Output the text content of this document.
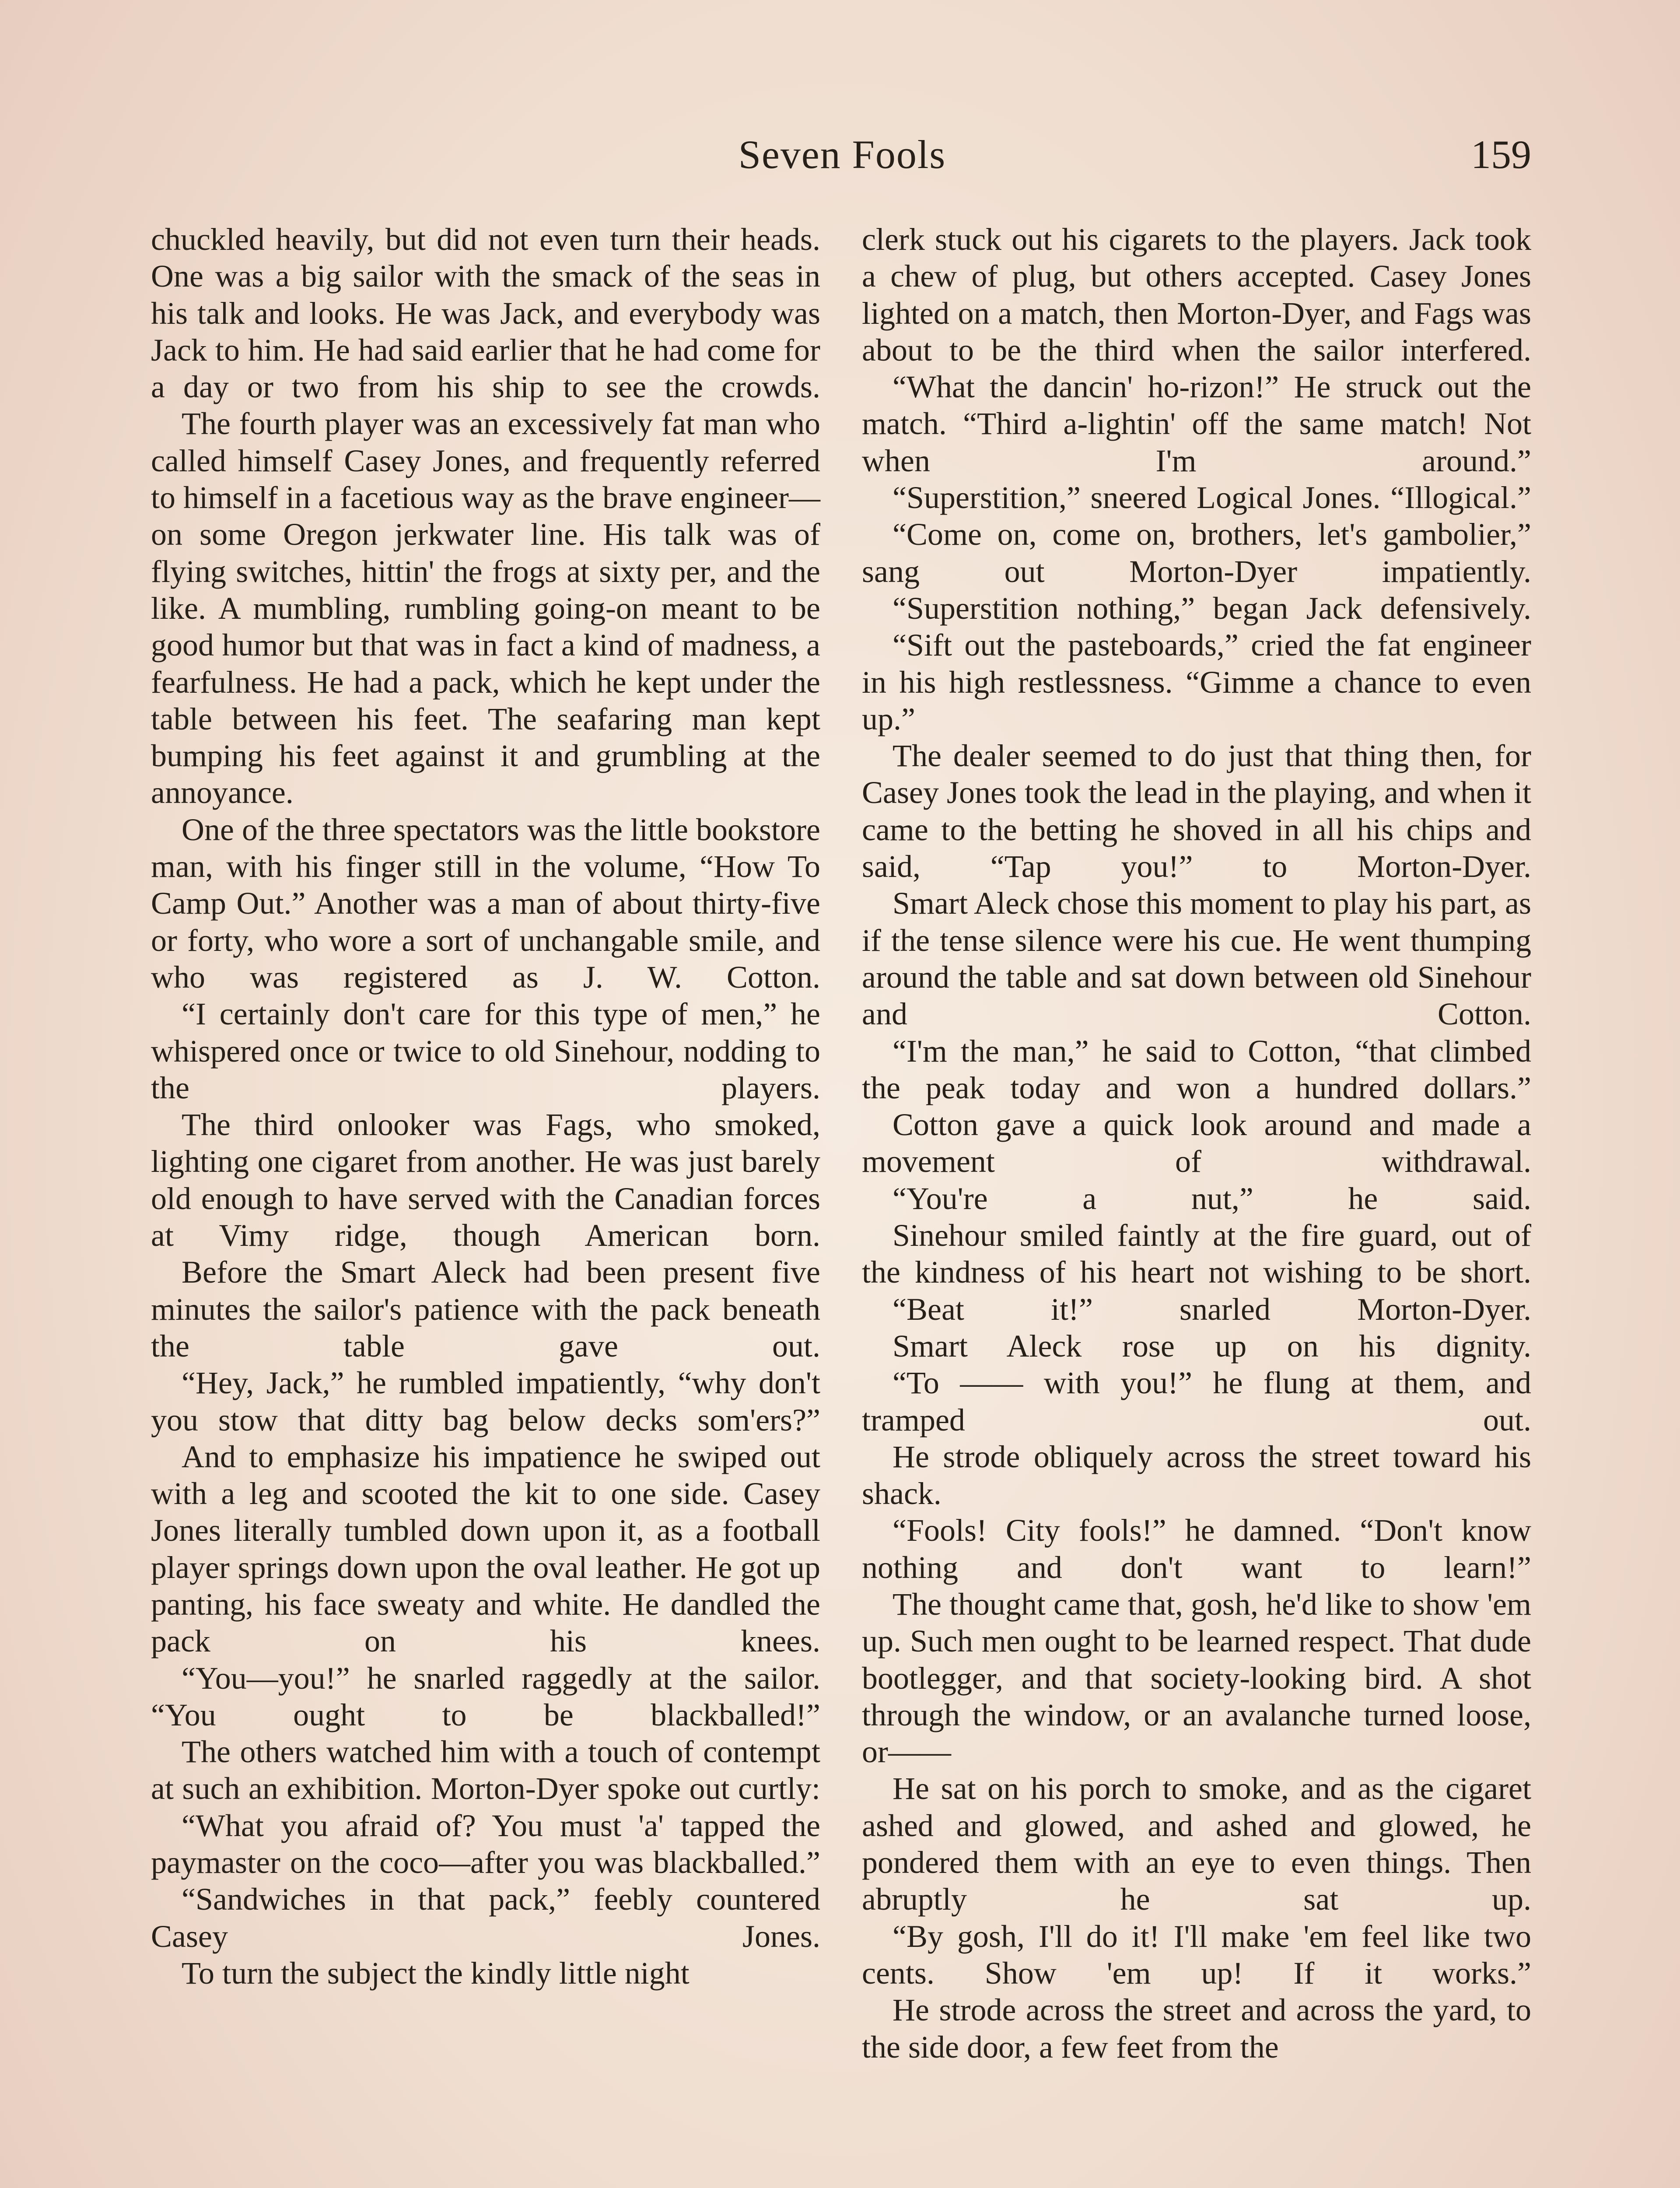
Seven Fools	159

chuckled heavily, but did not even turn their heads. One was a big sailor with the smack of the seas in his talk and looks. He was Jack, and everybody was Jack to him. He had said earlier that he had come for a day or two from his ship to see the crowds.

The fourth player was an excessively fat man who called himself Casey Jones, and frequently referred to himself in a facetious way as the brave engineer—on some Oregon jerkwater line. His talk was of flying switches, hittin' the frogs at sixty per, and the like. A mumbling, rumbling going-on meant to be good humor but that was in fact a kind of madness, a fearfulness. He had a pack, which he kept under the table between his feet. The seafaring man kept bumping his feet against it and grumbling at the annoyance.

One of the three spectators was the little bookstore man, with his finger still in the volume, “How To Camp Out.” Another was a man of about thirty-five or forty, who wore a sort of unchangable smile, and who was registered as J. W. Cotton.

“I certainly don't care for this type of men,” he whispered once or twice to old Sinehour, nodding to the players.

The third onlooker was Fags, who smoked, lighting one cigaret from another. He was just barely old enough to have served with the Canadian forces at Vimy ridge, though American born.

Before the Smart Aleck had been present five minutes the sailor's patience with the pack beneath the table gave out.

“Hey, Jack,” he rumbled impatiently, “why don't you stow that ditty bag below decks som'ers?”

And to emphasize his impatience he swiped out with a leg and scooted the kit to one side. Casey Jones literally tumbled down upon it, as a football player springs down upon the oval leather. He got up panting, his face sweaty and white. He dandled the pack on his knees.

“You—you!” he snarled raggedly at the sailor. “You ought to be blackballed!”

The others watched him with a touch of contempt at such an exhibition. Morton-Dyer spoke out curtly:

“What you afraid of? You must 'a' tapped the paymaster on the coco—after you was blackballed.”

“Sandwiches in that pack,” feebly countered Casey Jones.

To turn the subject the kindly little night

clerk stuck out his cigarets to the players. Jack took a chew of plug, but others accepted. Casey Jones lighted on a match, then Morton-Dyer, and Fags was about to be the third when the sailor interfered.

“What the dancin' ho-rizon!” He struck out the match. “Third a-lightin' off the same match! Not when I'm around.”

“Superstition,” sneered Logical Jones. “Illogical.”

“Come on, come on, brothers, let's gambolier,” sang out Morton-Dyer impatiently.

“Superstition nothing,” began Jack defensively.

“Sift out the pasteboards,” cried the fat engineer in his high restlessness. “Gimme a chance to even up.”

The dealer seemed to do just that thing then, for Casey Jones took the lead in the playing, and when it came to the betting he shoved in all his chips and said, “Tap you!” to Morton-Dyer.

Smart Aleck chose this moment to play his part, as if the tense silence were his cue. He went thumping around the table and sat down between old Sinehour and Cotton.

“I'm the man,” he said to Cotton, “that climbed the peak today and won a hundred dollars.”

Cotton gave a quick look around and made a movement of withdrawal.

“You're a nut,” he said.

Sinehour smiled faintly at the fire guard, out of the kindness of his heart not wishing to be short.

“Beat it!” snarled Morton-Dyer.

Smart Aleck rose up on his dignity.

“To —— with you!” he flung at them, and tramped out.

He strode obliquely across the street toward his shack.

“Fools! City fools!” he damned. “Don't know nothing and don't want to learn!”

The thought came that, gosh, he'd like to show 'em up. Such men ought to be learned respect. That dude bootlegger, and that society-looking bird. A shot through the window, or an avalanche turned loose, or——

He sat on his porch to smoke, and as the cigaret ashed and glowed, and ashed and glowed, he pondered them with an eye to even things. Then abruptly he sat up.

“By gosh, I'll do it! I'll make 'em feel like two cents. Show 'em up! If it works.”

He strode across the street and across the yard, to the side door, a few feet from the
